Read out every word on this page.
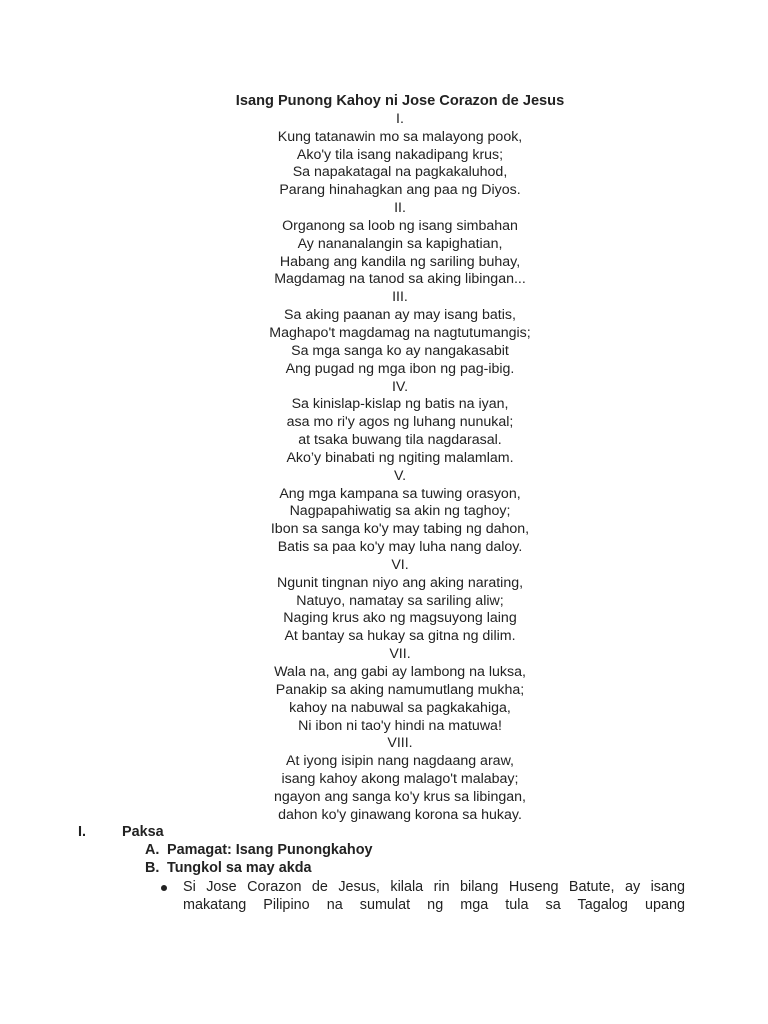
Isang Punong Kahoy ni Jose Corazon de Jesus
I.
Kung tatanawin mo sa malayong pook,
Ako'y tila isang nakadipang krus;
Sa napakatagal na pagkakaluhod,
Parang hinahagkan ang paa ng Diyos.
II.
Organong sa loob ng isang simbahan
Ay nananalangin sa kapighatian,
Habang ang kandila ng sariling buhay,
Magdamag na tanod sa aking libingan...
III.
Sa aking paanan ay may isang batis,
Maghapo't magdamag na nagtutumangis;
Sa mga sanga ko ay nangakasabit
Ang pugad ng mga ibon ng pag-ibig.
IV.
Sa kinislap-kislap ng batis na iyan,
asa mo ri'y agos ng luhang nunukal;
at tsaka buwang tila nagdarasal.
Ako’y binabati ng ngiting malamlam.
V.
Ang mga kampana sa tuwing orasyon,
Nagpapahiwatig sa akin ng taghoy;
Ibon sa sanga ko'y may tabing ng dahon,
Batis sa paa ko'y may luha nang daloy.
VI.
Ngunit tingnan niyo ang aking narating,
Natuyo, namatay sa sariling aliw;
Naging krus ako ng magsuyong laing
At bantay sa hukay sa gitna ng dilim.
VII.
Wala na, ang gabi ay lambong na luksa,
Panakip sa aking namumutlang mukha;
kahoy na nabuwal sa pagkakahiga,
Ni ibon ni tao'y hindi na matuwa!
VIII.
At iyong isipin nang nagdaang araw,
isang kahoy akong malago't malabay;
ngayon ang sanga ko'y krus sa libingan,
dahon ko'y ginawang korona sa hukay.
I.	Paksa
A. Pamagat: Isang Punongkahoy
B. Tungkol sa may akda
Si Jose Corazon de Jesus, kilala rin bilang Huseng Batute, ay isang
makatang Pilipino na sumulat ng mga tula sa Tagalog upang
